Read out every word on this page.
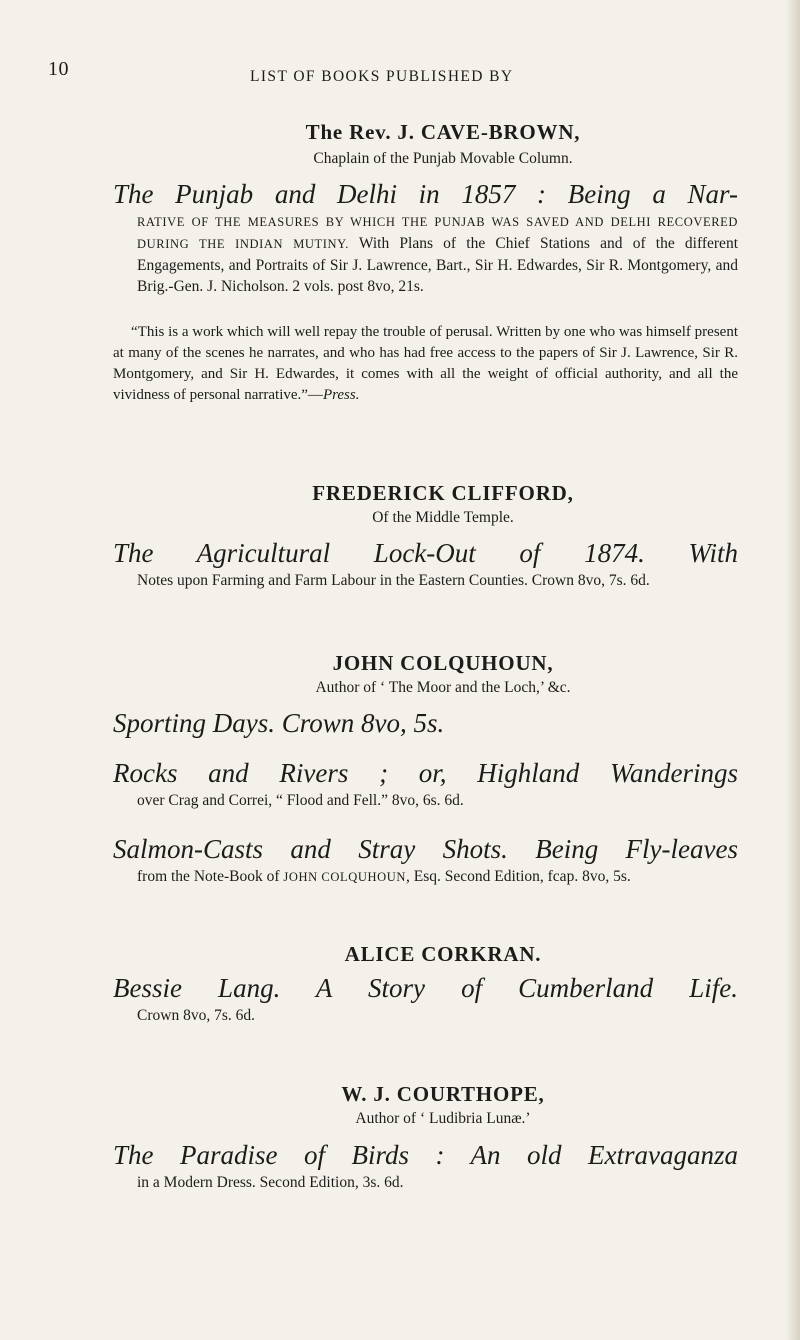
10	LIST OF BOOKS PUBLISHED BY
The Rev. J. CAVE-BROWN,
Chaplain of the Punjab Movable Column.
The Punjab and Delhi in 1857 : Being a Nar-
RATIVE OF THE MEASURES BY WHICH THE PUNJAB WAS SAVED AND DELHI RECOVERED DURING THE INDIAN MUTINY. With Plans of the Chief Stations and of the different Engagements, and Portraits of Sir J. Lawrence, Bart., Sir H. Edwardes, Sir R. Montgomery, and Brig.-Gen. J. Nicholson. 2 vols. post 8vo, 21s.
“This is a work which will well repay the trouble of perusal. Written by one who was himself present at many of the scenes he narrates, and who has had free access to the papers of Sir J. Lawrence, Sir R. Montgomery, and Sir H. Edwardes, it comes with all the weight of official authority, and all the vividness of personal narrative.”—Press.
FREDERICK CLIFFORD,
Of the Middle Temple.
The Agricultural Lock-Out of 1874. With
Notes upon Farming and Farm Labour in the Eastern Counties. Crown 8vo, 7s. 6d.
JOHN COLQUHOUN,
Author of ‘ The Moor and the Loch,’ &c.
Sporting Days. Crown 8vo, 5s.
Rocks and Rivers ; or, Highland Wanderings
over Crag and Correi, “ Flood and Fell.” 8vo, 6s. 6d.
Salmon-Casts and Stray Shots. Being Fly-leaves
from the Note-Book of JOHN COLQUHOUN, Esq. Second Edition, fcap. 8vo, 5s.
ALICE CORKRAN.
Bessie Lang. A Story of Cumberland Life.
Crown 8vo, 7s. 6d.
W. J. COURTHOPE,
Author of ‘ Ludibria Lunæ.’
The Paradise of Birds : An old Extravaganza
in a Modern Dress. Second Edition, 3s. 6d.
